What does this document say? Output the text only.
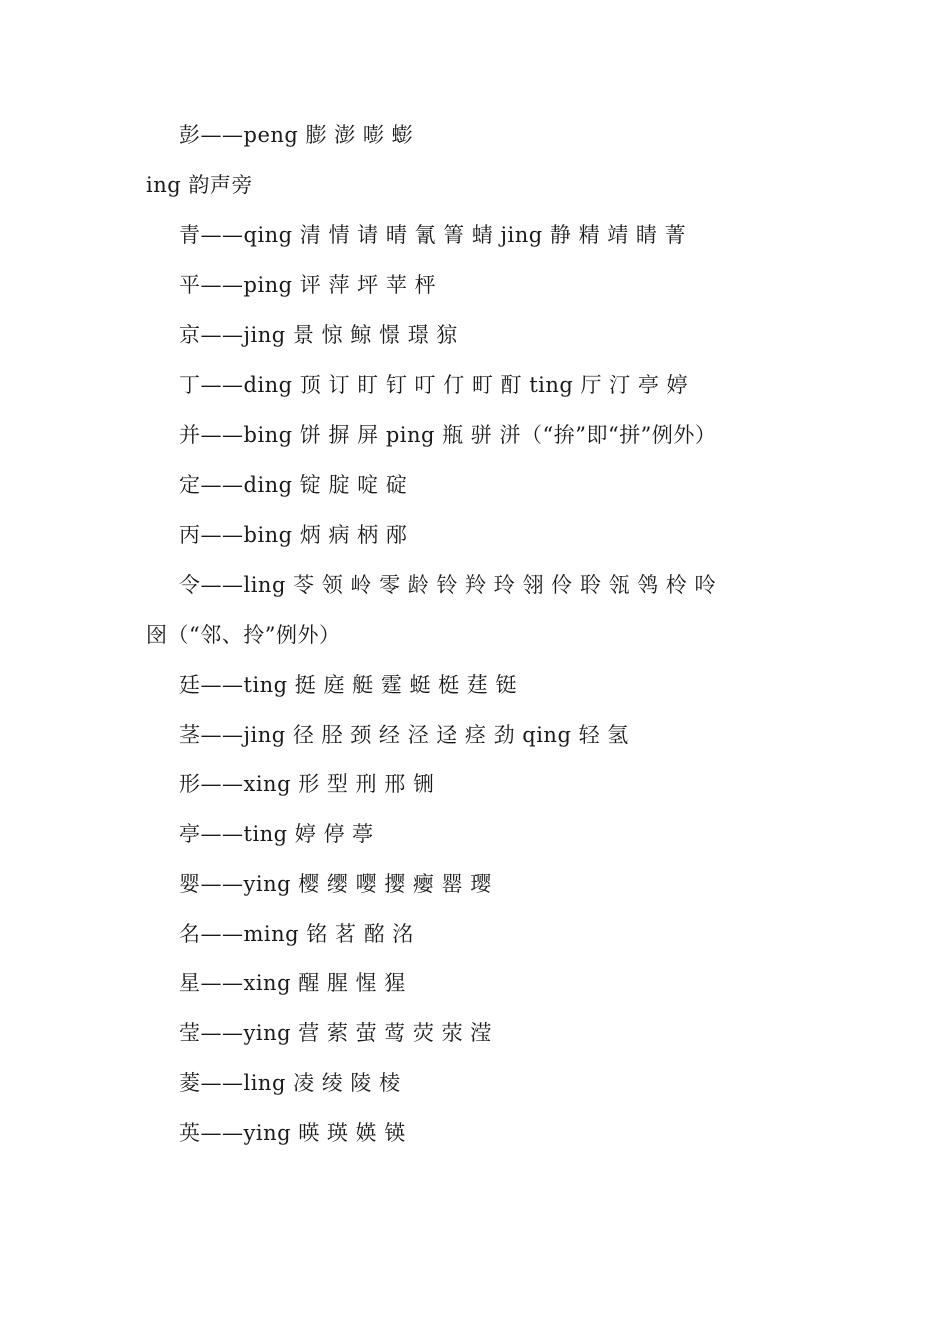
彭——peng 膨 澎 嘭 蟛
ing 韵声旁
青——qing 清 情 请 晴 氰 箐 蜻 jing 静 精 靖 睛 菁
平——ping 评 萍 坪 苹 枰
京——jing 景 惊 鲸 憬 璟 猄
丁——ding 顶 订 盯 钉 叮 仃 町 酊 ting 厅 汀 亭 婷
并——bing 饼 摒 屏 ping 瓶 骈 洴（“拚”即“拼”例外）
定——ding 锭 腚 啶 碇
丙——bing 炳 病 柄 邴
令——ling 苓 领 岭 零 龄 铃 羚 玲 翎 伶 聆 瓴 鸰 柃 呤
囹（“邻、拎”例外）
廷——ting 挺 庭 艇 霆 蜓 梃 莛 铤
茎——jing 径 胫 颈 经 泾 迳 痉 劲 qing 轻 氢
形——xing 形 型 刑 邢 铏
亭——ting 婷 停 葶
婴——ying 樱 缨 嘤 撄 瘿 罂 璎
名——ming 铭 茗 酩 洺
星——xing 醒 腥 惺 猩
莹——ying 营 萦 萤 莺 荧 荥 滢
菱——ling 凌 绫 陵 棱
英——ying 暎 瑛 媖 锳
